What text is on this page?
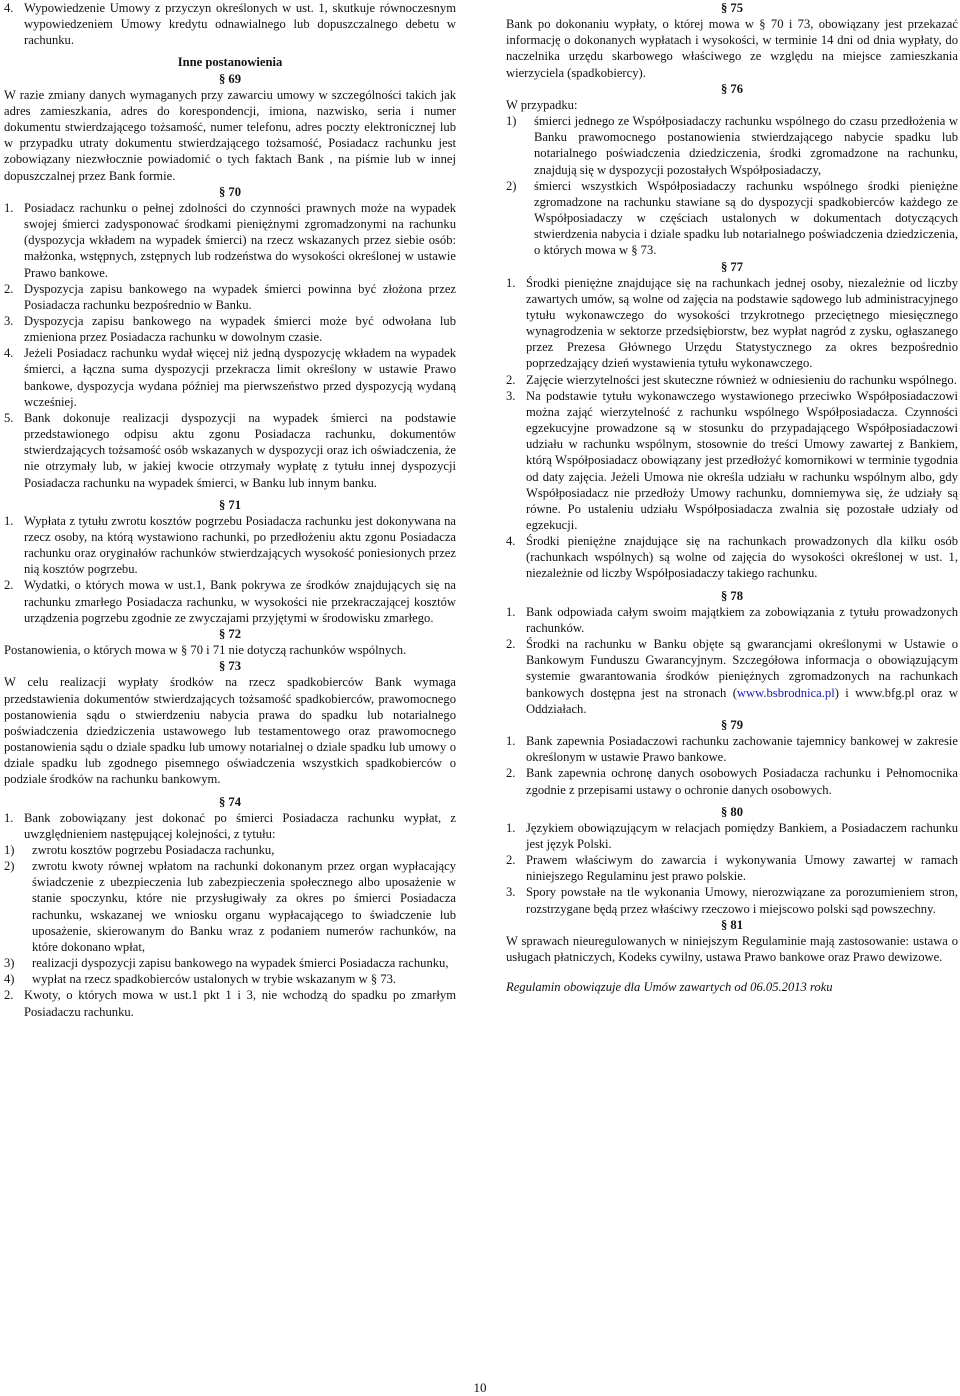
4. Wypowiedzenie Umowy z przyczyn określonych w ust. 1, skutkuje równoczesnym wypowiedzeniem Umowy kredytu odnawialnego lub dopuszczalnego debetu w rachunku.

Inne postanowienia

§ 69

W razie zmiany danych wymaganych przy zawarciu umowy w szczególności takich jak adres zamieszkania, adres do korespondencji, imiona, nazwisko, seria i numer dokumentu stwierdzającego tożsamość, numer telefonu, adres poczty elektronicznej lub w przypadku utraty dokumentu stwierdzającego tożsamość, Posiadacz rachunku jest zobowiązany niezwłocznie powiadomić o tych faktach Bank , na piśmie lub w innej dopuszczalnej przez Bank formie.

§ 70

1. Posiadacz rachunku o pełnej zdolności do czynności prawnych może na wypadek swojej śmierci zadysponować środkami pieniężnymi zgromadzonymi na rachunku (dyspozycja wkładem na wypadek śmierci) na rzecz wskazanych przez siebie osób: małżonka, wstępnych, zstępnych lub rodzeństwa do wysokości określonej w ustawie Prawo bankowe.
2. Dyspozycja zapisu bankowego na wypadek śmierci powinna być złożona przez Posiadacza rachunku bezpośrednio w Banku.
3. Dyspozycja zapisu bankowego na wypadek śmierci może być odwołana lub zmieniona przez Posiadacza rachunku w dowolnym czasie.
4. Jeżeli Posiadacz rachunku wydał więcej niż jedną dyspozycję wkładem na wypadek śmierci, a łączna suma dyspozycji przekracza limit określony w ustawie Prawo bankowe, dyspozycja wydana później ma pierwszeństwo przed dyspozycją wydaną wcześniej.
5. Bank dokonuje realizacji dyspozycji na wypadek śmierci na podstawie przedstawionego odpisu aktu zgonu Posiadacza rachunku, dokumentów stwierdzających tożsamość osób wskazanych w dyspozycji oraz ich oświadczenia, że nie otrzymały lub, w jakiej kwocie otrzymały wypłatę z tytułu innej dyspozycji Posiadacza rachunku na wypadek śmierci, w Banku lub innym banku.

§ 71

1. Wypłata z tytułu zwrotu kosztów pogrzebu Posiadacza rachunku jest dokonywana na rzecz osoby, na którą wystawiono rachunki, po przedłożeniu aktu zgonu Posiadacza rachunku oraz oryginałów rachunków stwierdzających wysokość poniesionych przez nią kosztów pogrzebu.
2. Wydatki, o których mowa w ust.1, Bank pokrywa ze środków znajdujących się na rachunku zmarłego Posiadacza rachunku, w wysokości nie przekraczającej kosztów urządzenia pogrzebu zgodnie ze zwyczajami przyjętymi w środowisku zmarłego.

§ 72

Postanowienia, o których mowa w § 70 i 71 nie dotyczą rachunków wspólnych.

§ 73

W celu realizacji wypłaty środków na rzecz spadkobierców Bank wymaga przedstawienia dokumentów stwierdzających tożsamość spadkobierców, prawomocnego postanowienia sądu o stwierdzeniu nabycia prawa do spadku lub notarialnego poświadczenia dziedziczenia ustawowego lub testamentowego oraz prawomocnego postanowienia sądu o dziale spadku lub umowy notarialnej o dziale spadku lub umowy o dziale spadku lub zgodnego pisemnego oświadczenia wszystkich spadkobierców o podziale środków na rachunku bankowym.

§ 74

1. Bank zobowiązany jest dokonać po śmierci Posiadacza rachunku wypłat, z uwzględnieniem następującej kolejności, z tytułu:
1)	zwrotu kosztów pogrzebu Posiadacza rachunku,
2)	zwrotu kwoty równej wpłatom na rachunki dokonanym przez organ wypłacający świadczenie z ubezpieczenia lub zabezpieczenia społecznego albo uposażenie w stanie spoczynku, które nie przysługiwały za okres po śmierci Posiadacza rachunku, wskazanej we wniosku organu wypłacającego to świadczenie lub uposażenie, skierowanym do Banku wraz z podaniem numerów rachunków, na które dokonano wpłat,
3)	realizacji dyspozycji zapisu bankowego na wypadek śmierci Posiadacza rachunku,
4)	wypłat na rzecz spadkobierców ustalonych w trybie wskazanym w § 73.
2. Kwoty, o których mowa w ust.1 pkt 1 i 3, nie wchodzą do spadku po zmarłym Posiadaczu rachunku.

§ 75

Bank po dokonaniu wypłaty, o której mowa w § 70 i 73, obowiązany jest przekazać informację o dokonanych wypłatach i wysokości, w terminie 14 dni od dnia wypłaty, do naczelnika urzędu skarbowego właściwego ze względu na miejsce zamieszkania wierzyciela (spadkobiercy).

§ 76

W przypadku:

1)	śmierci jednego ze Współposiadaczy rachunku wspólnego do czasu przedłożenia w Banku prawomocnego postanowienia stwierdzającego nabycie spadku lub notarialnego poświadczenia dziedziczenia, środki zgromadzone na rachunku, znajdują się w dyspozycji pozostałych Współposiadaczy,
2)	śmierci wszystkich Współposiadaczy rachunku wspólnego środki pieniężne zgromadzone na rachunku stawiane są do dyspozycji spadkobierców każdego ze Współposiadaczy w częściach ustalonych w dokumentach dotyczących stwierdzenia nabycia i dziale spadku lub notarialnego poświadczenia dziedziczenia, o których mowa w § 73.

§ 77

1. Środki pieniężne znajdujące się na rachunkach jednej osoby, niezależnie od liczby zawartych umów, są wolne od zajęcia na podstawie sądowego lub administracyjnego tytułu wykonawczego do wysokości trzykrotnego przeciętnego miesięcznego wynagrodzenia w sektorze przedsiębiorstw, bez wypłat nagród z zysku, ogłaszanego przez Prezesa Głównego Urzędu Statystycznego za okres bezpośrednio poprzedzający dzień wystawienia tytułu wykonawczego.
2. Zajęcie wierzytelności jest skuteczne również w odniesieniu do rachunku wspólnego.
3. Na podstawie tytułu wykonawczego wystawionego przeciwko Współposiadaczowi można zająć wierzytelność z rachunku wspólnego Współposiadacza. Czynności egzekucyjne prowadzone są w stosunku do przypadającego Współposiadaczowi udziału w rachunku wspólnym, stosownie do treści Umowy zawartej z Bankiem, którą Współposiadacz obowiązany jest przedłożyć komornikowi w terminie tygodnia od daty zajęcia. Jeżeli Umowa nie określa udziału w rachunku wspólnym albo, gdy Współposiadacz nie przedłoży Umowy rachunku, domniemywa się, że udziały są równe. Po ustaleniu udziału Współposiadacza zwalnia się pozostałe udziały od egzekucji.
4. Środki pieniężne znajdujące się na rachunkach prowadzonych dla kilku osób (rachunkach wspólnych) są wolne od zajęcia do wysokości określonej w ust. 1, niezależnie od liczby Współposiadaczy takiego rachunku.

§ 78

1. Bank odpowiada całym swoim majątkiem za zobowiązania z tytułu prowadzonych rachunków.
2. Środki na rachunku w Banku objęte są gwarancjami określonymi w Ustawie o Bankowym Funduszu Gwarancyjnym. Szczegółowa informacja o obowiązującym systemie gwarantowania środków pieniężnych zgromadzonych na rachunkach bankowych dostępna jest na stronach (www.bsbrodnica.pl) i www.bfg.pl oraz w Oddziałach.

§ 79

1. Bank zapewnia Posiadaczowi rachunku zachowanie tajemnicy bankowej w zakresie określonym w ustawie Prawo bankowe.
2. Bank zapewnia ochronę danych osobowych Posiadacza rachunku i Pełnomocnika zgodnie z przepisami ustawy o ochronie danych osobowych.

§ 80

1. Językiem obowiązującym w relacjach pomiędzy Bankiem, a Posiadaczem rachunku jest język Polski.
2. Prawem właściwym do zawarcia i wykonywania Umowy zawartej w ramach niniejszego Regulaminu jest prawo polskie.
3. Spory powstałe na tle wykonania Umowy, nierozwiązane za porozumieniem stron, rozstrzygane będą przez właściwy rzeczowo i miejscowo polski sąd powszechny.

§ 81

W sprawach nieuregulowanych w niniejszym Regulaminie mają zastosowanie: ustawa o usługach płatniczych, Kodeks cywilny, ustawa Prawo bankowe oraz Prawo dewizowe.

Regulamin obowiązuje dla Umów zawartych od 06.05.2013 roku

10
